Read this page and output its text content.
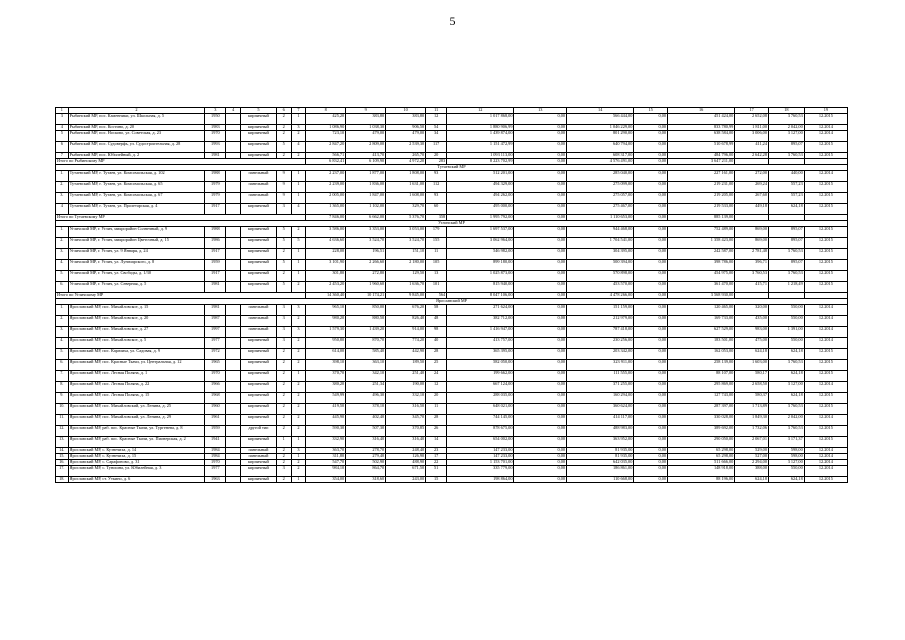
5
1	2	3	4	5	6	7	8	9	10	11	12	13	14	15	16	17	18	19
3	Рыбинский МР, пос. Каменники, ул. Школьная, д. 5	1950		кирпичный	2	1	425,20	383,80	383,80	12	1 017 868,00	0,00	566 444,00	0,00	451 424,00	2 652,08	3 760,53	12.2015
4	Рыбинский МР, пос. Костино, д. 20	1983		кирпичный	2	3	1 086,90	1 038,30	906,50	54	1 880 906,99	0,00	1 046 229,00	0,00	833 780,99	1 811,00	2 042,00	12.2014
5	Рыбинский МР, пос. Носково, ул. Советская, д. 23	1970		кирпичный	2	2	723,10	479,00	479,00	34	1 439 874,00	0,00	801 290,00	0,00	638 584,00	3 006,00	3 127,00	12.2014
6	Рыбинский МР, пос. Судоверфь, ул. Судостроительная, д. 28	1993		кирпичный	5	4	2 847,20	2 809,00	2 539,30	117	1 151 472,99	0,00	640 794,00	0,00	510 678,99	411,24	895,07	12.2015
7	Рыбинский МР, пос. Юбилейный, д. 2	1981		кирпичный	2	2	566,71	413,70	265,70	20	1 093 113,00	0,00	608 317,00	0,00	484 796,00	2 642,28	3 760,53	12.2015
Итого по Рыбинскому МР							6 832,41	6 109,90	4 972,20	283	8 223 702,99	0,00	4 576 491,00	0,00	3 647 211,00			
Тутаевский МР																		
1.	Тутаевский МР, г. Тутаев, ул. Комсомольская, д. 102	1988		панельный	9	1	2 237,00	1 877,00	1 808,00	93	512 201,00	0,00	285 040,00	0,00	227 161,00	272,00	440,00	12.2014
2.	Тутаевский МР, г. Тутаев, ул. Комсомольская, д. 65	1979		панельный	9	1	2 239,00	1 836,00	1 631,00	112	494 329,00	0,00	275 099,00	0,00	219 231,00	269,24	557,23	12.2015
3.	Тутаевский МР, г. Тутаев, ул. Комсомольская, д. 67	1979		панельный	9	1	2 005,00	1 847,00	1 608,00	93	494 262,00	0,00	275 057,00	0,00	219 205,00	267,60	557,23	12.2015
4	Тутаевский МР, г. Тутаев, ул. Пролетарская, д. 4	1917		кирпичный	3	4	1 365,00	1 102,00	329,70	60	495 000,00	0,00	275 467,00	0,00	219 533,00	449,18	624,18	12.2015
Итого по Тутаевскому МР							7 846,00	6 662,00	5 376,70	358	1 995 792,00	0,00	1 110 653,00	0,00	885 139,00			
Угличский МР																		
1.	Угличский МР, г. Углич, микрорайон Солнечный, д. 9	1988		кирпичный	5	2	3 586,00	3 353,00	3 053,00	179	1 697 537,00	0,00	944 468,00	0,00	752 489,00	869,00	895,07	12.2015
2.	Угличский МР, г. Углич, микрорайон Цветочный, д. 15	1986		кирпичный	5	5	4 636,60	3 524,70	3 524,70	155	3 062 964,00	0,00	1 704 541,00	0,00	1 358 423,00	869,00	895,07	12.2015
3.	Угличский МР, г. Углич, ул. 9 Января, д. 24	1917		кирпичный	2	1	228,00	196,51	151,10	11	546 982,00	0,00	304 395,00	0,00	242 587,00	2 781,48	3 760,53	12.2015
4.	Угличский МР, г. Углич, ул. Луначарского, д. 8	1959		кирпичный	5	1	3 101,90	2 266,60	2 180,00	105	899 180,00	0,00	500 394,00	0,00	398 786,00	396,71	895,07	12.2015
5.	Угличский МР, г. Углич, ул. Свободы, д. 1/30	1917		кирпичный	2	1	301,80	272,80	129,50	13	1 025 873,00	0,00	570 898,00	0,00	454 975,00	3 760,53	3 760,53	12.2015
6.	Угличский МР, г. Углич, ул. Северная, д. 5	1981		кирпичный	5	2	2 453,20	1 960,60	1 636,70	101	815 940,00	0,00	453 570,00	0,00	361 470,00	415,71	1 218,49	12.2015
Итого по Угличскому МР							14 360,40	10 174,21	9 845,00	564	8 047 106,00	0,00	4 478 266,00	0,00	3 568 930,00			
Ярославский МР																		
1.	Ярославский МР, пос. Михайловское, д. 15	1981		панельный	3	3	965,10	850,00	676,20	58	271 624,00	0,00	151 159,00	0,00	120 465,00	320,00	550,00	12.2014
2.	Ярославский МР, пос. Михайловское, д. 20	1987		панельный	3	2	980,20	880,50	826,40	48	382 712,00	0,00	212 979,00	0,00	169 733,00	435,00	550,00	12.2014
3.	Ярославский МР, пос. Михайловское, д. 27	1997		панельный	3	3	1 579,30	1 439,20	914,00	98	1 416 947,00	0,00	787 418,00	0,00	627 529,00	983,00	1 391,00	12.2014
4.	Ярославский МР, пос. Михайловское, д. 5	1977		кирпичный	3	2	950,80	870,70	774,20	40	413 757,00	0,00	230 256,00	0,00	183 501,00	475,00	550,00	12.2014
5.	Ярославский МР, пос. Карачиха, ул. Садовая, д. 9	1972		кирпичный	2	2	614,00	585,40	442,90	28	365 395,00	0,00	203 342,00	0,00	162 053,00	624,18	624,18	12.2015
6.	Ярославский МР, пос. Красные Ткачи, ул. Центральная, д. 12	1965		кирпичный	2	2	398,10	363,10	189,50	25	582 050,00	0,00	323 911,00	0,00	258 139,00	1 603,00	3 760,53	12.2015
7.	Ярославский МР, пос. Лесная Поляна, д. 1	1970		кирпичный	2	1	370,70	342,10	251,40	24	199 662,00	0,00	111 555,00	0,00	88 107,00	580,17	624,18	12.2015
8.	Ярославский МР, пос. Лесная Поляна, д. 22	1966		кирпичный	2	2	380,20	251,34	190,00	12	667 124,00	0,00	371 255,00	0,00	295 869,00	2 658,50	3 127,00	12.2014
9.	Ярославский МР, пос. Лесная Поляна, д. 15	1968		кирпичный	2	2	549,99	496,30	332,10	20	288 035,00	0,00	160 294,00	0,00	127 743,00	580,37	624,18	12.2015
10.	Ярославский МР, пос. Михайловский, ул. Ленина, д. 25	1960		кирпичный	2	2	419,50	378,10	316,50	11	648 021,00	0,00	360 624,00	0,00	287 397,00	1 713,89	3 760,53	12.2015
11.	Ярославский МР, пос. Михайловский, ул. Ленина, д. 29	1961		кирпичный	2	2	445,90	402,40	345,70	28	744 145,00	0,00	414 117,00	0,00	330 028,00	1 849,30	2 042,00	12.2014
12.	Ярославский МР, раб. пос. Красные Ткачи, ул. Тургенева, д. 8	1959		другой тип	2	2	590,30	507,30	370,85	26	878 675,00	0,00	488 983,00	0,00	389 692,00	1 732,06	3 760,53	12.2015
13.	Ярославский МР, раб. пос. Красные Ткачи, ул. Пионерская, д. 2	1941		кирпичный	1	1	332,90	316,40	316,40	14	654 002,00	0,00	363 952,00	0,00	290 050,00	2 067,01	3 171,37	12.2015
14.	Ярославский МР, с. Кузнечиха, д. 14	1984		панельный	2	3	363,70	278,70	248,40	23	147 233,00	0,00	81 935,00	0,00	65 298,00	529,00	598,00	12.2014
15.	Ярославский МР, с. Кузнечиха, д. 15	1984		панельный	2	1	311,80	279,40	126,90	17	147 233,00	0,00	81 935,00	0,00	65 298,00	527,00	598,00	12.2014
16.	Ярославский МР, с. Сарафоново, д. 31	1970		кирпичный	2	2	547,70	502,90	488,90	22	1 153 701,00	0,00	642 035,00	0,00	511 666,00	2 294,00	3 127,00	12.2014
17.	Ярославский МР, с. Туношна, ул. Юбилейная, д. 3	1977		кирпичный	3	2	984,10	864,70	671,50	51	335 779,00	0,00	186 861,00	0,00	148 918,00	388,00	550,00	12.2014
18.	Ярославский МР, ст. Уткино, д. 6	1963		кирпичный	2	1	354,00	318,60	243,00	15	198 864,00	0,00	110 668,00	0,00	88 196,00	624,18	624,18	12.2015
